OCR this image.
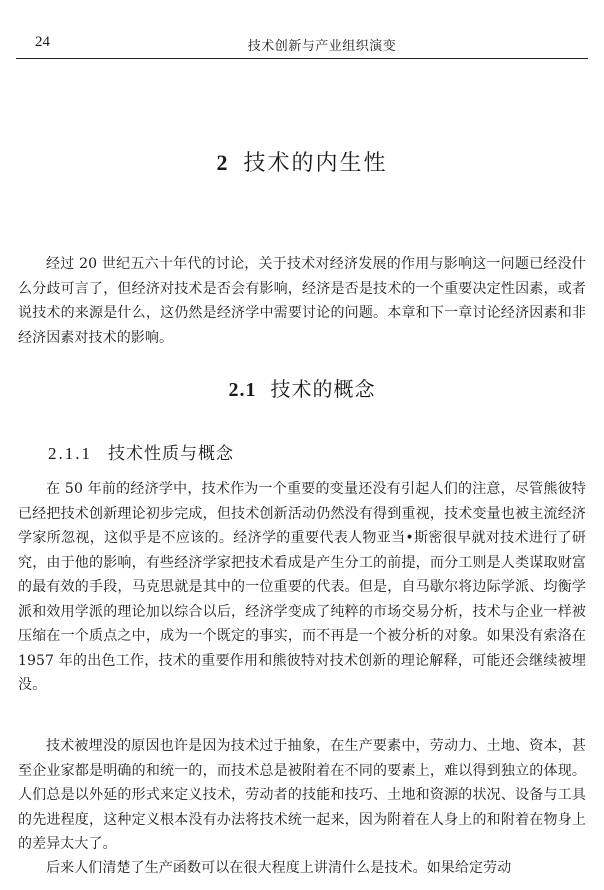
24	技术创新与产业组织演变
2 技术的内生性

经过 20 世纪五六十年代的讨论，关于技术对经济发展的作用与影响这一问题已经没什么分歧可言了，但经济对技术是否会有影响，经济是否是技术的一个重要决定性因素，或者说技术的来源是什么，这仍然是经济学中需要讨论的问题。本章和下一章讨论经济因素和非经济因素对技术的影响。

2.1 技术的概念
2.1.1 技术性质与概念

在 50 年前的经济学中，技术作为一个重要的变量还没有引起人们的注意，尽管熊彼特已经把技术创新理论初步完成，但技术创新活动仍然没有得到重视，技术变量也被主流经济学家所忽视，这似乎是不应该的。经济学的重要代表人物亚当•斯密很早就对技术进行了研究，由于他的影响，有些经济学家把技术看成是产生分工的前提，而分工则是人类谋取财富的最有效的手段，马克思就是其中的一位重要的代表。但是，自马歇尔将边际学派、均衡学派和效用学派的理论加以综合以后，经济学变成了纯粹的市场交易分析，技术与企业一样被压缩在一个质点之中，成为一个既定的事实，而不再是一个被分析的对象。如果没有索洛在 1957 年的出色工作，技术的重要作用和熊彼特对技术创新的理论解释，可能还会继续被埋没。

技术被埋没的原因也许是因为技术过于抽象，在生产要素中，劳动力、土地、资本，甚至企业家都是明确的和统一的，而技术总是被附着在不同的要素上，难以得到独立的体现。人们总是以外延的形式来定义技术，劳动者的技能和技巧、土地和资源的状况、设备与工具的先进程度，这种定义根本没有办法将技术统一起来，因为附着在人身上的和附着在物身上的差异太大了。

后来人们清楚了生产函数可以在很大程度上讲清什么是技术。如果给定劳动
